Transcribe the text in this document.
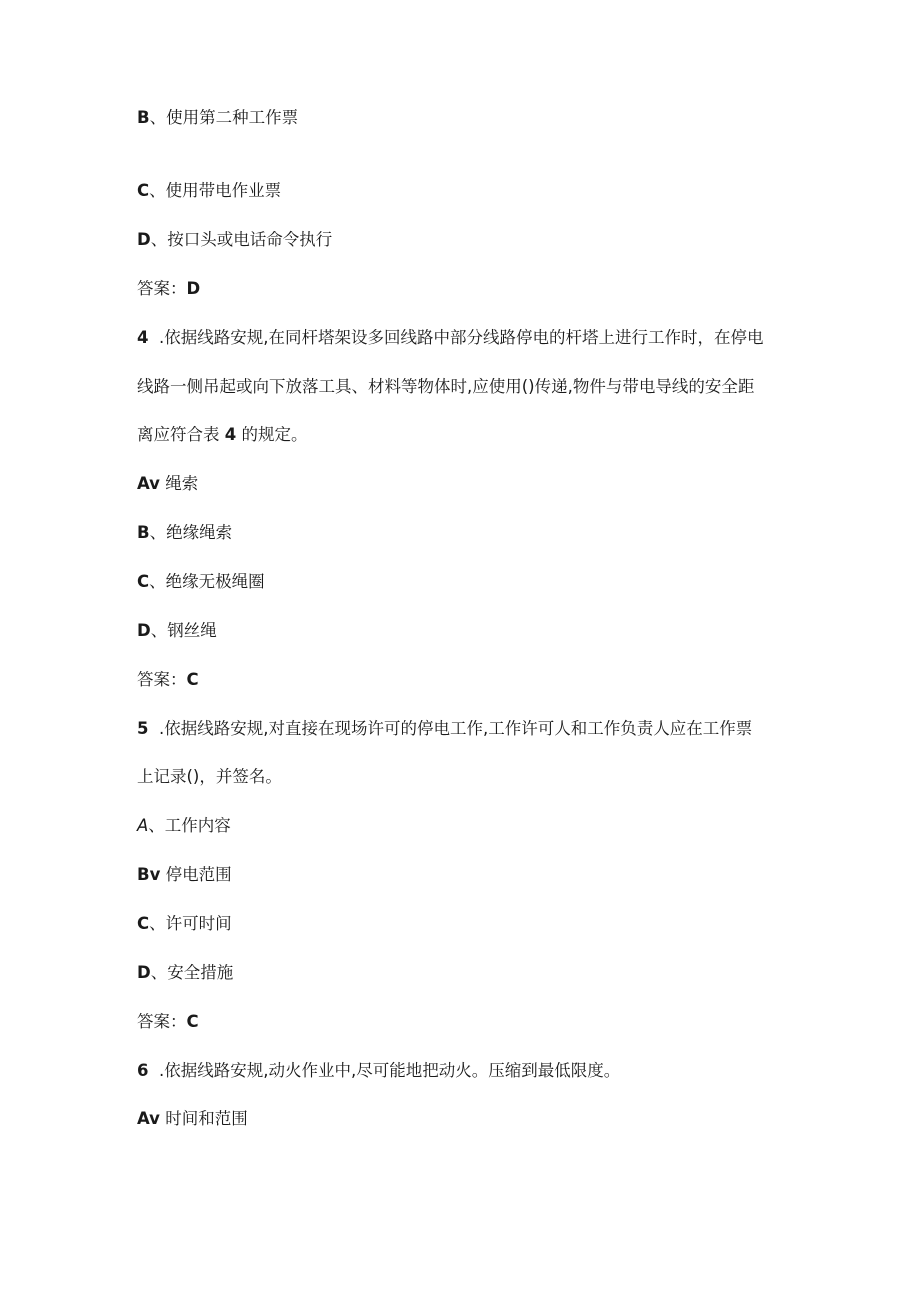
B、使用第二种工作票
C、使用带电作业票
D、按口头或电话命令执行
答案：D
4 .依据线路安规,在同杆塔架设多回线路中部分线路停电的杆塔上进行工作时，在停电
线路一侧吊起或向下放落工具、材料等物体时,应使用()传递,物件与带电导线的安全距
离应符合表 4 的规定。
Av 绳索
B、绝缘绳索
C、绝缘无极绳圈
D、钢丝绳
答案：C
5 .依据线路安规,对直接在现场许可的停电工作,工作许可人和工作负责人应在工作票
上记录()，并签名。
A、工作内容
Bv 停电范围
C、许可时间
D、安全措施
答案：C
6 .依据线路安规,动火作业中,尽可能地把动火。压缩到最低限度。
Av 时间和范围
